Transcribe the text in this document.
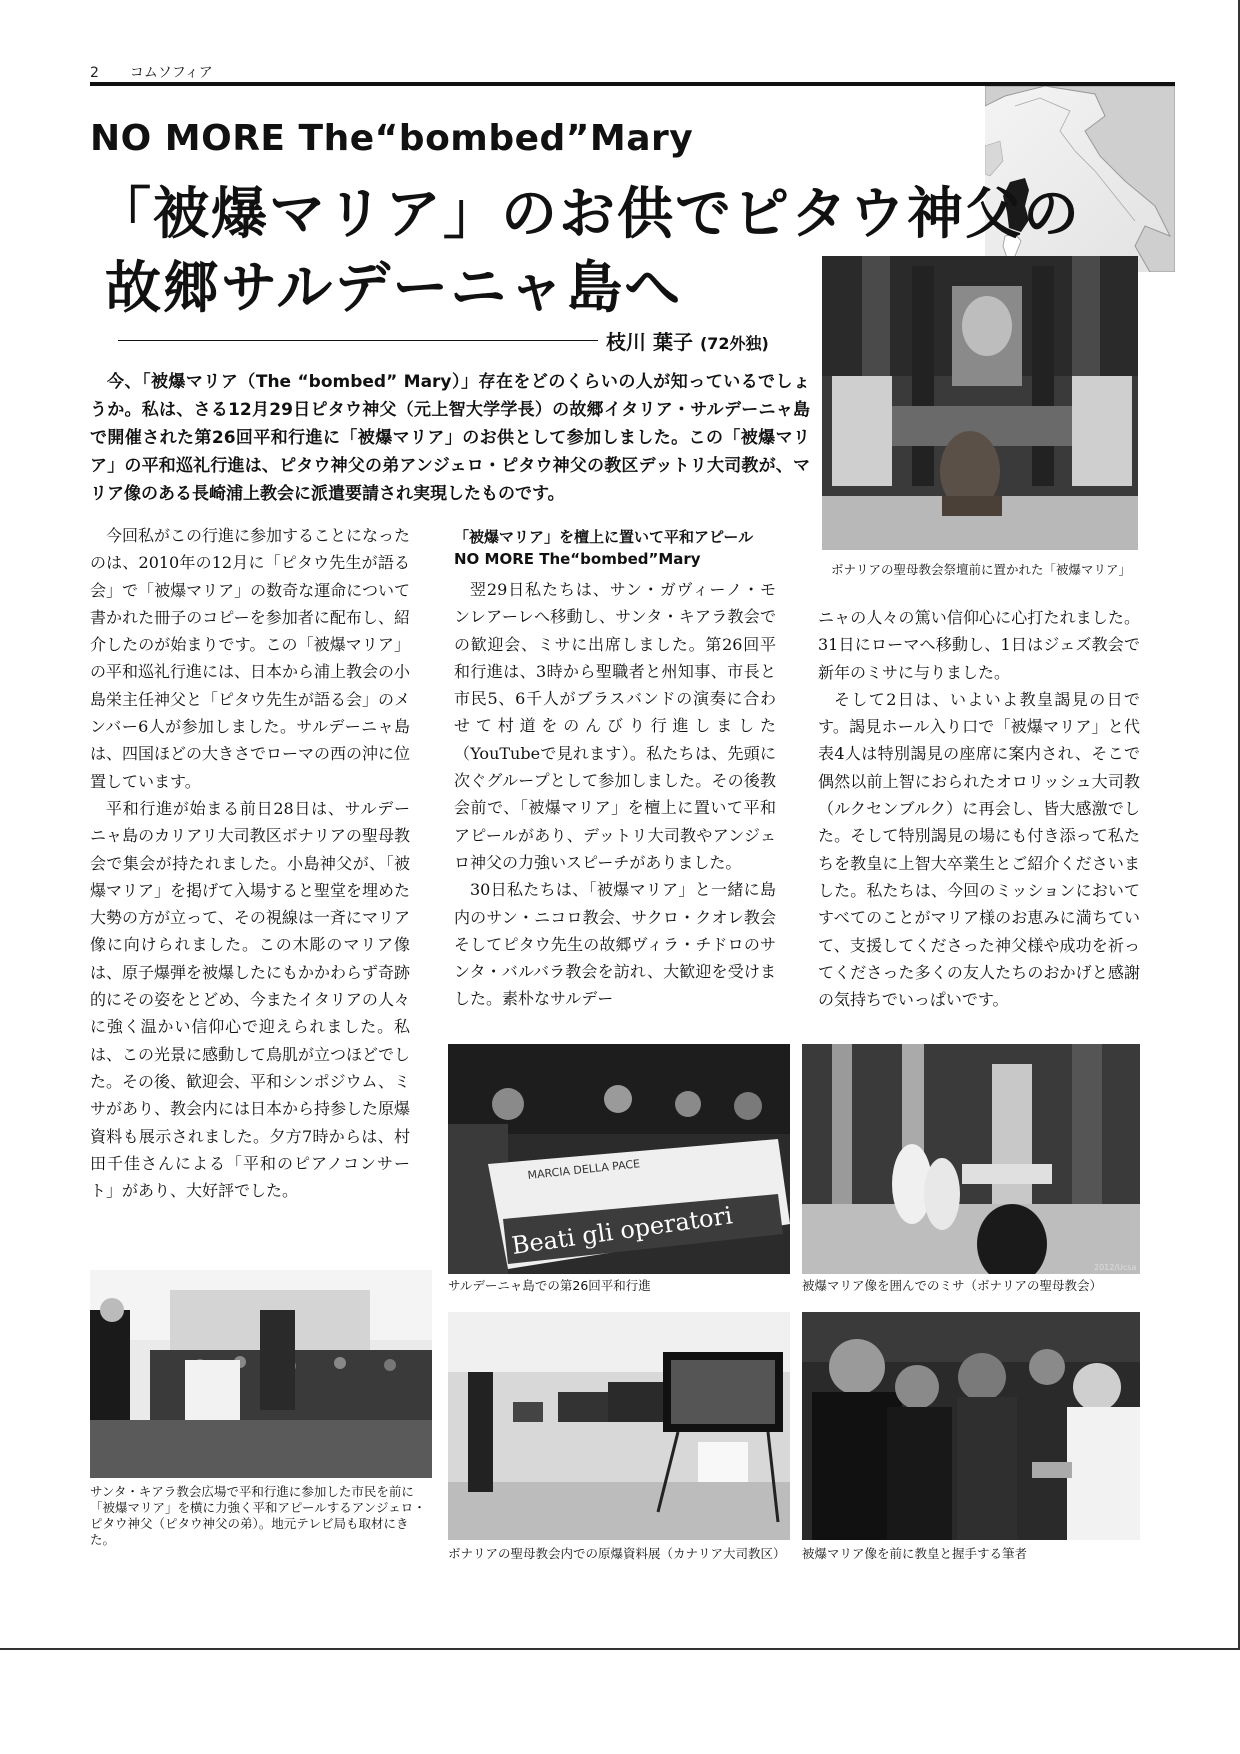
2 コムソフィア
NO MORE The“bombed”Mary
「被爆マリア」のお供でピタウ神父の
故郷サルデーニャ島へ
枝川 葉子 (72外独)
今、「被爆マリア（The “bombed” Mary）」存在をどのくらいの人が知っているでしょうか。私は、さる12月29日ピタウ神父（元上智大学学長）の故郷イタリア・サルデーニャ島で開催された第26回平和行進に「被爆マリア」のお供として参加しました。この「被爆マリア」の平和巡礼行進は、ピタウ神父の弟アンジェロ・ピタウ神父の教区デットリ大司教が、マリア像のある長崎浦上教会に派遣要請され実現したものです。
ボナリアの聖母教会祭壇前に置かれた「被爆マリア」

今回私がこの行進に参加することになったのは、2010年の12月に「ピタウ先生が語る会」で「被爆マリア」の数奇な運命について書かれた冊子のコピーを参加者に配布し、紹介したのが始まりです。この「被爆マリア」の平和巡礼行進には、日本から浦上教会の小島栄主任神父と「ピタウ先生が語る会」のメンバー6人が参加しました。サルデーニャ島は、四国ほどの大きさでローマの西の沖に位置しています。

平和行進が始まる前日28日は、サルデーニャ島のカリアリ大司教区ボナリアの聖母教会で集会が持たれました。小島神父が、「被爆マリア」を掲げて入場すると聖堂を埋めた大勢の方が立って、その視線は一斉にマリア像に向けられました。この木彫のマリア像は、原子爆弾を被爆したにもかかわらず奇跡的にその姿をとどめ、今またイタリアの人々に強く温かい信仰心で迎えられました。私は、この光景に感動して鳥肌が立つほどでした。その後、歓迎会、平和シンポジウム、ミサがあり、教会内には日本から持参した原爆資料も展示されました。夕方7時からは、村田千佳さんによる「平和のピアノコンサート」があり、大好評でした。

「被爆マリア」を檀上に置いて平和アピール
NO MORE The“bombed”Mary

翌29日私たちは、サン・ガヴィーノ・モンレアーレへ移動し、サンタ・キアラ教会での歓迎会、ミサに出席しました。第26回平和行進は、3時から聖職者と州知事、市長と市民5、6千人がブラスバンドの演奏に合わせて村道をのんびり行進しました（YouTubeで見れます）。私たちは、先頭に次ぐグループとして参加しました。その後教会前で、「被爆マリア」を檀上に置いて平和アピールがあり、デットリ大司教やアンジェロ神父の力強いスピーチがありました。

30日私たちは、「被爆マリア」と一緒に島内のサン・ニコロ教会、サクロ・クオレ教会そしてピタウ先生の故郷ヴィラ・チドロのサンタ・バルバラ教会を訪れ、大歓迎を受けました。素朴なサルデー

ニャの人々の篤い信仰心に心打たれました。31日にローマへ移動し、1日はジェズ教会で新年のミサに与りました。

そして2日は、いよいよ教皇謁見の日です。謁見ホール入り口で「被爆マリア」と代表4人は特別謁見の座席に案内され、そこで偶然以前上智におられたオロリッシュ大司教（ルクセンブルク）に再会し、皆大感激でした。そして特別謁見の場にも付き添って私たちを教皇に上智大卒業生とご紹介くださいました。私たちは、今回のミッションにおいてすべてのことがマリア様のお恵みに満ちていて、支援してくださった神父様や成功を祈ってくださった多くの友人たちのおかげと感謝の気持ちでいっぱいです。

MARCIA DELLA PACE
Beati gli operatori
サルデーニャ島での第26回平和行進
2012/Ucsa
被爆マリア像を囲んでのミサ（ボナリアの聖母教会）
サンタ・キアラ教会広場で平和行進に参加した市民を前に「被爆マリア」を横に力強く平和アピールするアンジェロ・ピタウ神父（ピタウ神父の弟）。地元テレビ局も取材にきた。
ボナリアの聖母教会内での原爆資料展（カナリア大司教区）	被爆マリア像を前に教皇と握手する筆者
